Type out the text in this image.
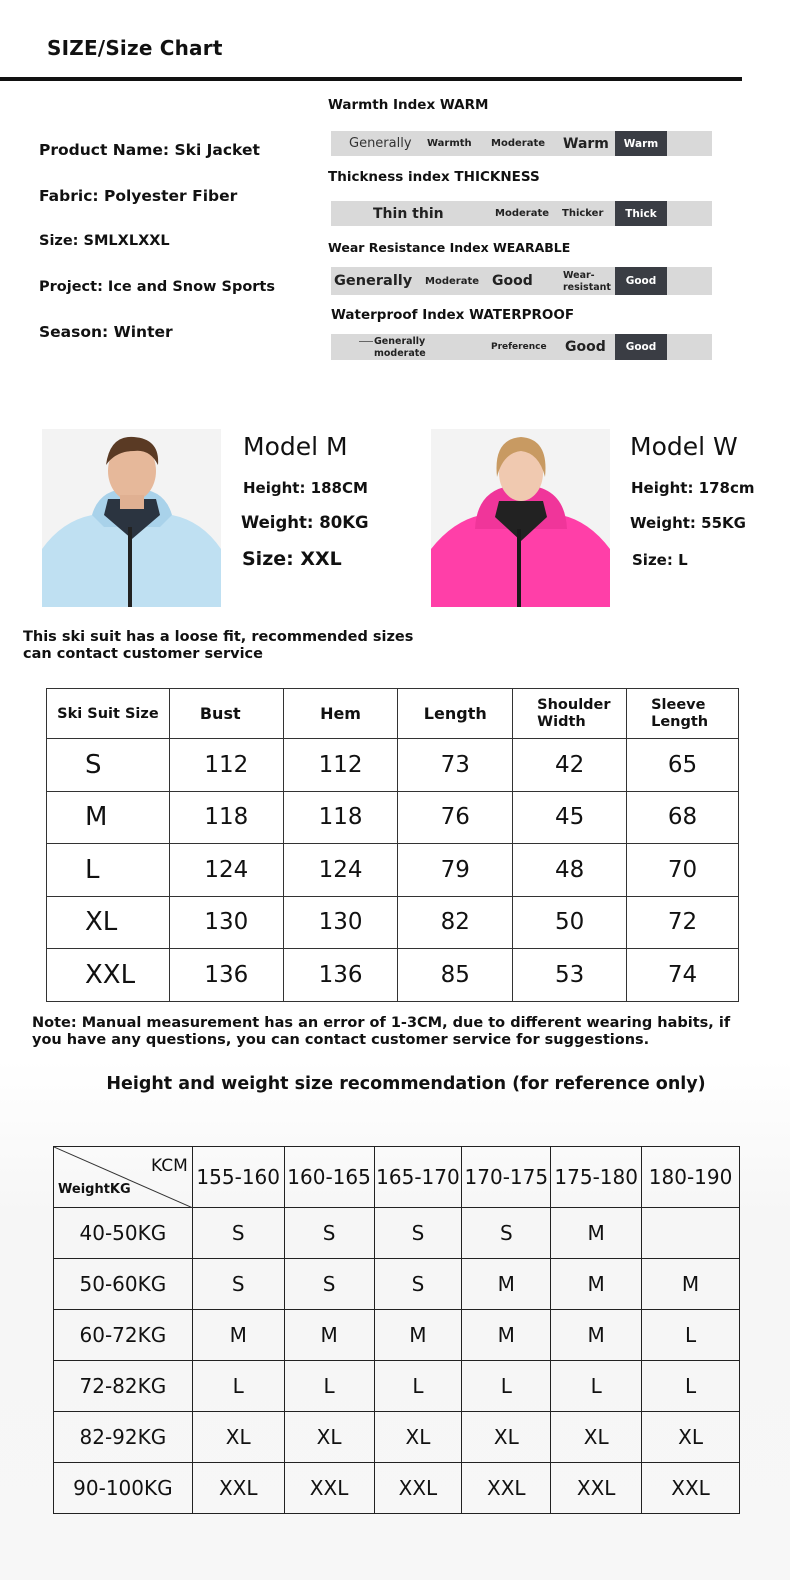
SIZE/Size Chart
Product Name: Ski Jacket
Fabric: Polyester Fiber
Size: SMLXLXXL
Project: Ice and Snow Sports
Season: Winter
Warmth Index WARM
Generally Warmth Moderate Warm	Warm
Thickness index THICKNESS
Thin thin	Moderate Thicker	Thick
Wear Resistance Index WEARABLE
Generally Moderate Good	Wear-
resistant	Good
Waterproof Index WATERPROOF
Generally
moderate
Preference Good	Good
Model M
Height: 188CM
Weight: 80KG
Size: XXL
Model W
Height: 178cm
Weight: 55KG
Size: L
This ski suit has a loose fit, recommended sizes can contact customer service
Ski Suit Size	Bust	Hem	Length	Shoulder Width	Sleeve Length
S	112	112	73	42	65
M	118	118	76	45	68
L	124	124	79	48	70
XL	130	130	82	50	72
XXL	136	136	85	53	74
Note: Manual measurement has an error of 1-3CM, due to different wearing habits, if you have any questions, you can contact customer service for suggestions.
Height and weight size recommendation (for reference only)
KCM
WeightKG	155-160	160-165	165-170	170-175	175-180	180-190
40-50KG	S	S	S	S	M	
50-60KG	S	S	S	M	M	M
60-72KG	M	M	M	M	M	L
72-82KG	L	L	L	L	L	L
82-92KG	XL	XL	XL	XL	XL	XL
90-100KG	XXL	XXL	XXL	XXL	XXL	XXL
